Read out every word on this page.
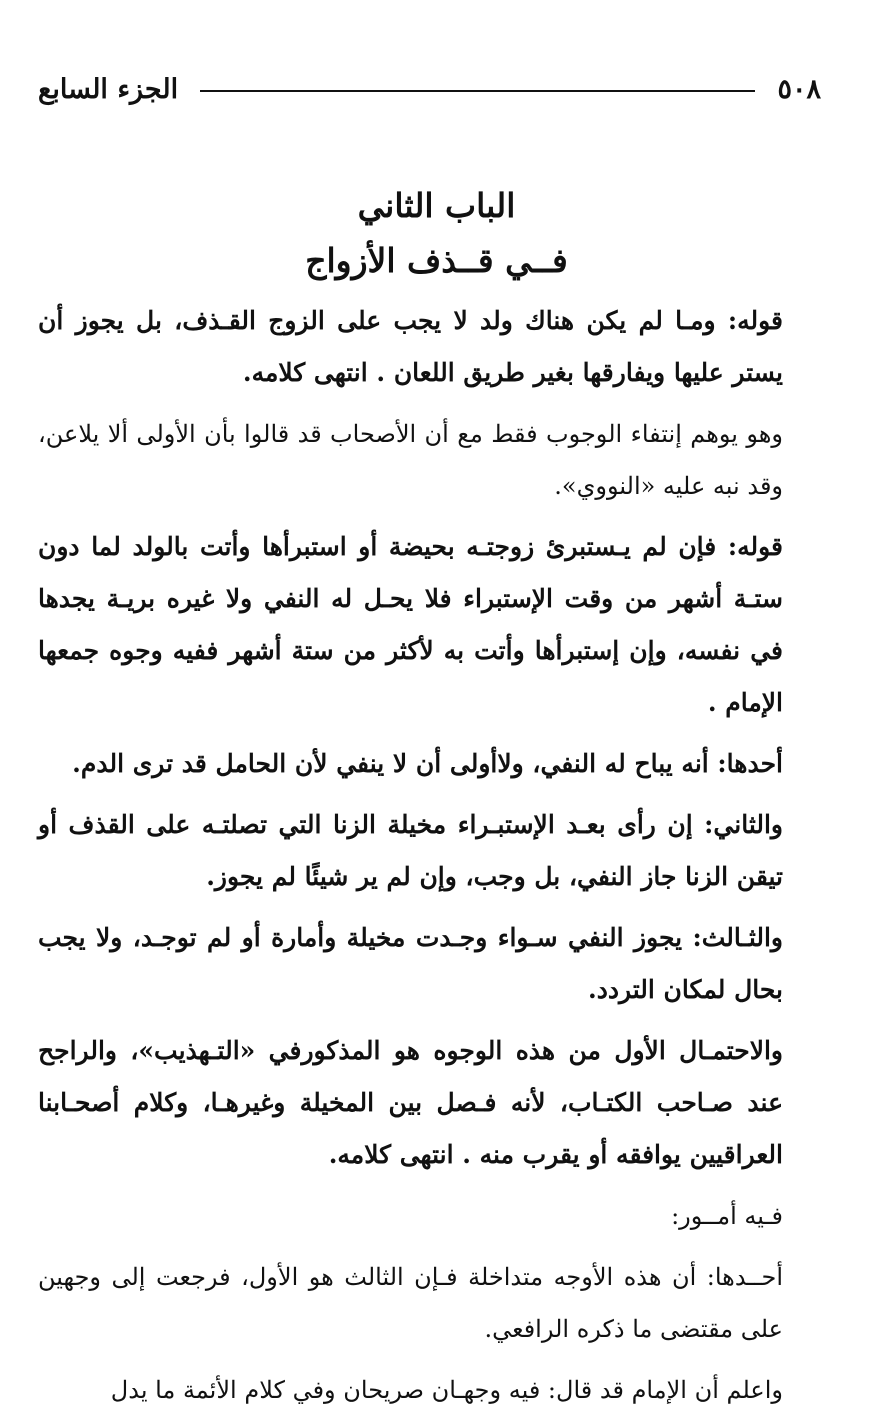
٥٠٨
الجزء السابع
الباب الثاني
فــي قــذف الأزواج

قوله: ومـا لم يكن هناك ولد لا يجب على الزوج القـذف، بل يجوز أن يستر عليها ويفارقها بغير طريق اللعان . انتهى كلامه.

وهو يوهم إنتفاء الوجوب فقط مع أن الأصحاب قد قالوا بأن الأولى ألا يلاعن، وقد نبه عليه «النووي».

قوله: فإن لم يـستبرئ زوجتـه بحيضة أو استبرأها وأتت بالولد لما دون ستـة أشهر من وقت الإستبراء فلا يحـل له النفي ولا غيره بريـة يجدها في نفسه، وإن إستبرأها وأتت به لأكثر من ستة أشهر ففيه وجوه جمعها الإمام .

أحدها: أنه يباح له النفي، ولاأولى أن لا ينفي لأن الحامل قد ترى الدم.

والثاني: إن رأى بعـد الإستبـراء مخيلة الزنا التي تصلتـه على القذف أو تيقن الزنا جاز النفي، بل وجب، وإن لم ير شيئًا لم يجوز.

والثـالث: يجوز النفي سـواء وجـدت مخيلة وأمارة أو لم توجـد، ولا يجب بحال لمكان التردد.

والاحتمـال الأول من هذه الوجوه هو المذكورفي «التـهذيب»، والراجح عند صـاحب الكتـاب، لأنه فـصل بين المخيلة وغيرهـا، وكلام أصحـابنا العراقيين يوافقه أو يقرب منه . انتهى كلامه.

فـيه أمــور:

أحــدها: أن هذه الأوجه متداخلة فـإن الثالث هو الأول، فرجعت إلى وجهين على مقتضى ما ذكره الرافعي.

واعلم أن الإمام قد قال: فيه وجهـان صريحان وفي كلام الأئمة ما يدل
